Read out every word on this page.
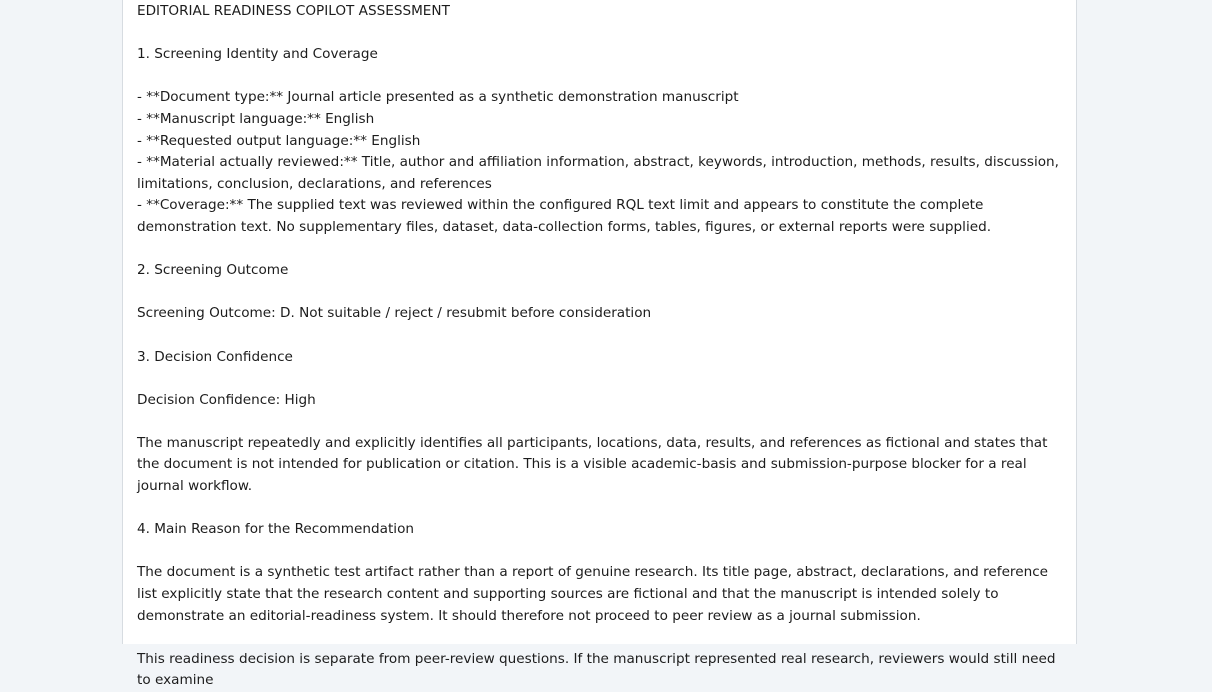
EDITORIAL READINESS COPILOT ASSESSMENT
1. Screening Identity and Coverage
- **Document type:** Journal article presented as a synthetic demonstration manuscript
- **Manuscript language:** English
- **Requested output language:** English
- **Material actually reviewed:** Title, author and affiliation information, abstract, keywords, introduction, methods, results, discussion, limitations, conclusion, declarations, and references
- **Coverage:** The supplied text was reviewed within the configured RQL text limit and appears to constitute the complete demonstration text. No supplementary files, dataset, data-collection forms, tables, figures, or external reports were supplied.
2. Screening Outcome
Screening Outcome: D. Not suitable / reject / resubmit before consideration
3. Decision Confidence
Decision Confidence: High
The manuscript repeatedly and explicitly identifies all participants, locations, data, results, and references as fictional and states that the document is not intended for publication or citation. This is a visible academic-basis and submission-purpose blocker for a real journal workflow.
4. Main Reason for the Recommendation
The document is a synthetic test artifact rather than a report of genuine research. Its title page, abstract, declarations, and reference list explicitly state that the research content and supporting sources are fictional and that the manuscript is intended solely to demonstrate an editorial-readiness system. It should therefore not proceed to peer review as a journal submission.
This readiness decision is separate from peer-review questions. If the manuscript represented real research, reviewers would still need to examine
